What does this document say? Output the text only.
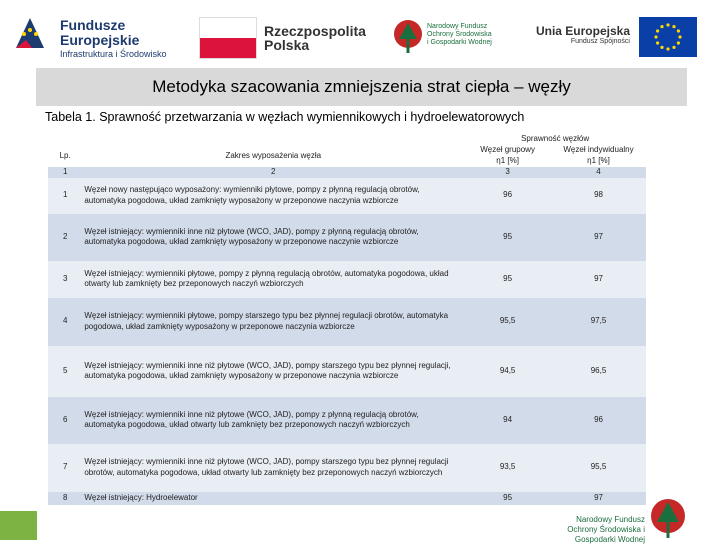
Fundusze
Europejskie
Infrastruktura i Środowisko
Rzeczpospolita
Polska
Narodowy Fundusz
Ochrony Środowiska
i Gospodarki Wodnej
Unia Europejska
Fundusz Spójności
Metodyka szacowania zmniejszenia strat ciepła – węzły
Tabela 1. Sprawność przetwarzania w węzłach wymiennikowych i hydroelewatorowych
		Sprawność węzłów	
Lp.	Zakres wyposażenia węzła	Węzeł grupowy	Węzeł indywidualny
		η1 [%]	η1 [%]
1	2	3	4
1	Węzeł nowy następująco wyposażony: wymienniki płytowe, pompy z płynną regulacją obrotów, automatyka pogodowa, układ zamknięty wyposażony w przeponowe naczynia wzbiorcze	96	98
2	Węzeł istniejący: wymienniki inne niż płytowe (WCO, JAD), pompy z płynną regulacją obrotów, automatyka pogodowa, układ zamknięty wyposażony w przeponowe naczynie wzbiorcze	95	97
3	Węzeł istniejący: wymienniki płytowe, pompy z płynną regulacją obrotów, automatyka pogodowa, układ otwarty lub zamknięty bez przeponowych naczyń wzbiorczych	95	97
4	Węzeł istniejący: wymienniki płytowe, pompy starszego typu bez płynnej regulacji obrotów, automatyka pogodowa, układ zamknięty wyposażony w przeponowe naczynia wzbiorcze	95,5	97,5
5	Węzeł istniejący: wymienniki inne niż płytowe (WCO, JAD), pompy starszego typu bez płynnej regulacji, automatyka pogodowa, układ zamknięty wyposażony w przeponowe naczynia wzbiorcze	94,5	96,5
6	Węzeł istniejący: wymienniki inne niż płytowe (WCO, JAD), pompy z płynną regulacją obrotów, automatyka pogodowa, układ otwarty lub zamknięty bez przeponowych naczyń wzbiorczych	94	96
7	Węzeł istniejący: wymienniki inne niż płytowe (WCO, JAD), pompy starszego typu bez płynnej regulacji obrotów, automatyka pogodowa, układ otwarty lub zamknięty bez przeponowych naczyń wzbiorczych	93,5	95,5
8	Węzeł istniejący: Hydroelewator	95	97
Narodowy Fundusz
Ochrony Środowiska i Gospodarki Wodnej
